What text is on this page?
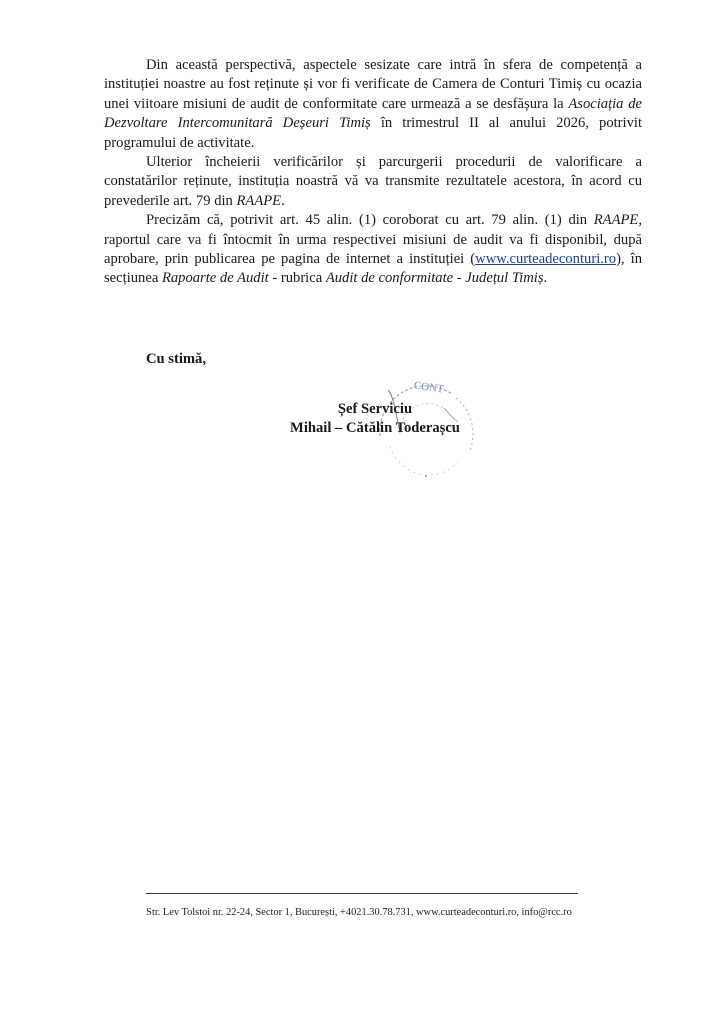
Din această perspectivă, aspectele sesizate care intră în sfera de competență a instituției noastre au fost reținute și vor fi verificate de Camera de Conturi Timiș cu ocazia unei viitoare misiuni de audit de conformitate care urmează a se desfășura la Asociația de Dezvoltare Intercomunitară Deșeuri Timiș în trimestrul II al anului 2026, potrivit programului de activitate.

Ulterior încheierii verificărilor și parcurgerii procedurii de valorificare a constatărilor reținute, instituția noastră vă va transmite rezultatele acestora, în acord cu prevederile art. 79 din RAAPE.

Precizăm că, potrivit art. 45 alin. (1) coroborat cu art. 79 alin. (1) din RAAPE, raportul care va fi întocmit în urma respectivei misiuni de audit va fi disponibil, după aprobare, prin publicarea pe pagina de internet a instituției (www.curteadeconturi.ro), în secțiunea Rapoarte de Audit - rubrica Audit de conformitate - Județul Timiș.

Cu stimă,
CONT
Șef Serviciu
Mihail – Cătălin Toderașcu
Str. Lev Tolstoi nr. 22-24, Sector 1, București, +4021.30.78.731, www.curteadeconturi.ro, info@rcc.ro
